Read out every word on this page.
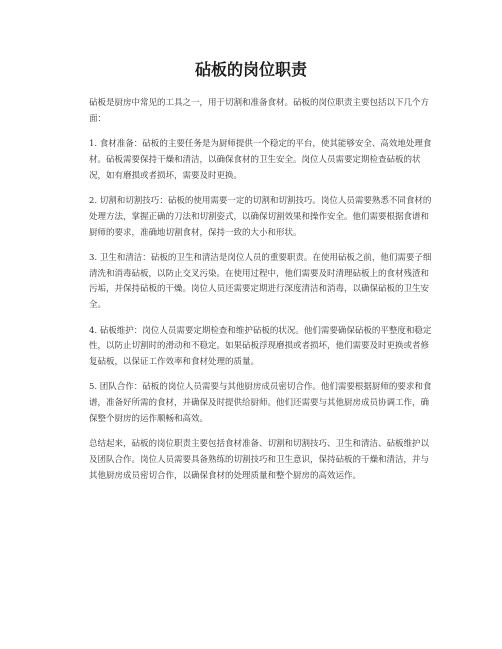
砧板的岗位职责

砧板是厨房中常见的工具之一，用于切割和准备食材。砧板的岗位职责主要包括以下几个方面：

1. 食材准备：砧板的主要任务是为厨师提供一个稳定的平台，使其能够安全、高效地处理食材。砧板需要保持干燥和清洁，以确保食材的卫生安全。岗位人员需要定期检查砧板的状况，如有磨损或者损坏，需要及时更换。

2. 切割和切割技巧：砧板的使用需要一定的切割和切割技巧。岗位人员需要熟悉不同食材的处理方法，掌握正确的刀法和切割姿式，以确保切割效果和操作安全。他们需要根据食谱和厨师的要求，准确地切割食材，保持一致的大小和形状。

3. 卫生和清洁：砧板的卫生和清洁是岗位人员的重要职责。在使用砧板之前，他们需要子细清洗和消毒砧板，以防止交叉污染。在使用过程中，他们需要及时清理砧板上的食材残渣和污垢，并保持砧板的干燥。岗位人员还需要定期进行深度清洁和消毒，以确保砧板的卫生安全。

4. 砧板维护：岗位人员需要定期检查和维护砧板的状况。他们需要确保砧板的平整度和稳定性，以防止切割时的滑动和不稳定。如果砧板浮现磨损或者损坏，他们需要及时更换或者修复砧板，以保证工作效率和食材处理的质量。

5. 团队合作：砧板的岗位人员需要与其他厨房成员密切合作。他们需要根据厨师的要求和食谱，准备好所需的食材，并确保及时提供给厨师。他们还需要与其他厨房成员协调工作，确保整个厨房的运作顺畅和高效。

总结起来，砧板的岗位职责主要包括食材准备、切割和切割技巧、卫生和清洁、砧板维护以及团队合作。岗位人员需要具备熟练的切割技巧和卫生意识，保持砧板的干燥和清洁，并与其他厨房成员密切合作，以确保食材的处理质量和整个厨房的高效运作。
